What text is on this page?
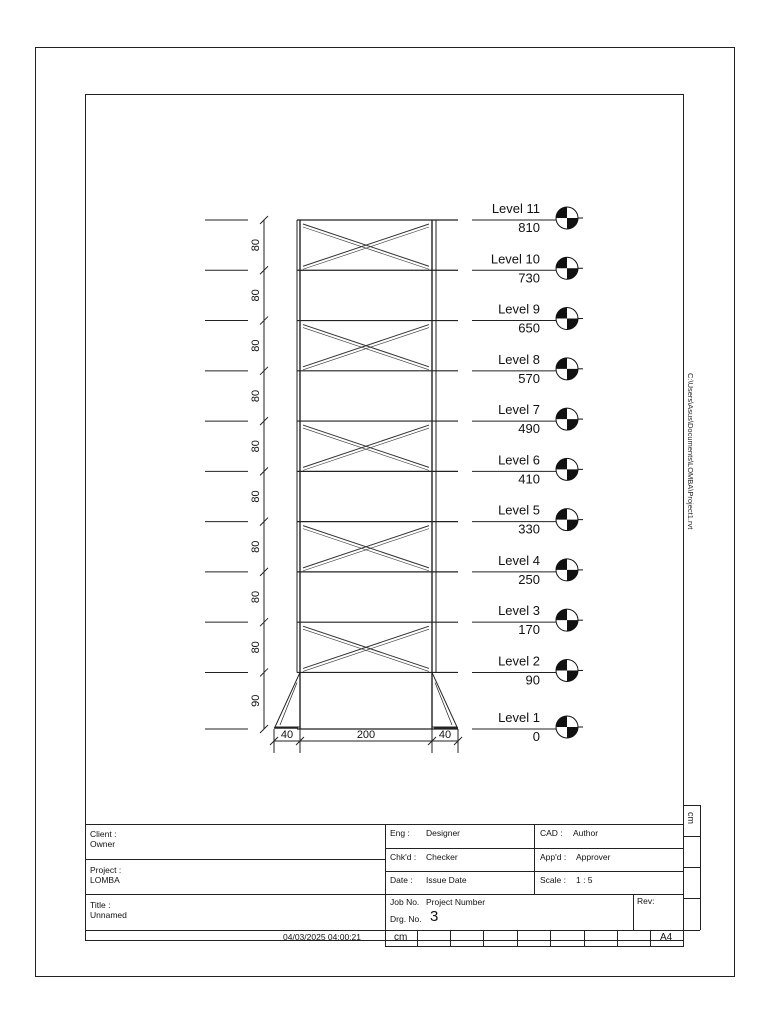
Level 11
810
Level 10
730
Level 9
650
Level 8
570
Level 7
490
Level 6
410
Level 5
330
Level 4
250
Level 3
170
Level 2
90
Level 1
0
80
80
80
80
80
80
80
80
80
90
40	200	40
C:\Users\Asus\Documents\LOMBA\Project1.rvt
cm
Client :
Owner
Project :
LOMBA
Title :
Unnamed
04/03/2025 04:00:21
Eng : Designer	CAD : Author
Chk'd : Checker	App'd : Approver
Date : Issue Date	Scale : 1 : 5
Job No. Project Number
Drg. No. 3
Rev:
cm	A4
